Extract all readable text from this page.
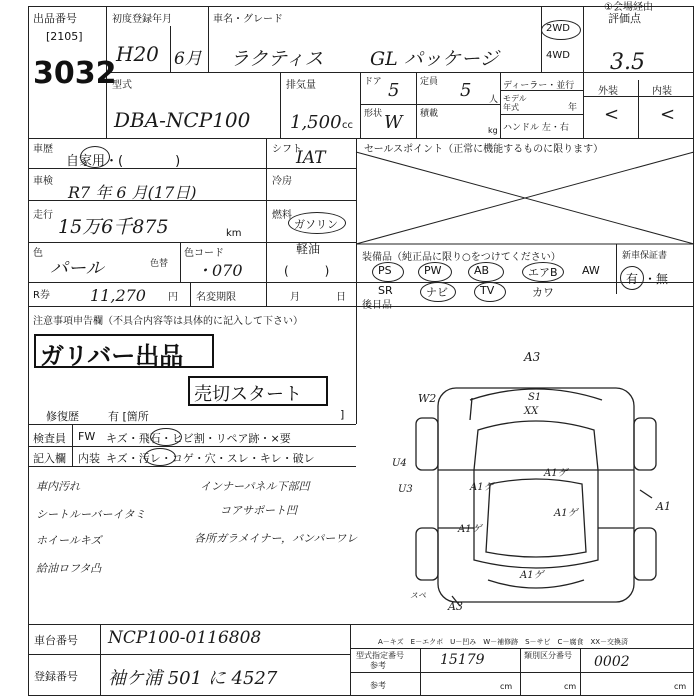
①会場経由
出品番号
[2105]
3032
初度登録年月
H20 6月
車名・グレード
ラクティス GL パッケージ
2WD
4WD
評価点
3.5
型式
DBA-NCP100
排気量
1,500 cc
ドア 5 定員 5 人
形状 W 積載
kg
ディーラー・並行
モデル年式	年
ハンドル 左・右
外装	内装
< <
車歴
自家用・(　　　　)
シフト
IAT
車検
R7 年 6 月(17日)
冷房
走行
15万6千875	km
燃料
ガソリン
軽油
(　　　)
色
パール	色替
色コード
・070
セールスポイント（正常に機能するものに限ります）
装備品（純正品に限り○をつけてください）	新車保証書
PS	PW	AB	エアB AW
SR	ナビ	TV	カワ
有 ・無
R券	11,270 円 名変期限	月	日
後日品
注意事項申告欄（不具合内容等は具体的に記入して下さい）
ガリバー出品
売切スタート
修復歴	有 [箇所	]
検査員 FW キズ・飛石・ヒビ割・リペア跡・×要
記入欄 内装 キズ・汚レ・コゲ・穴・スレ・キレ・破レ
車内汚れ	インナーパネル下部凹
シートルーバーイタミ	コアサポート凹
ホイールキズ	各所ガラメイナー，バンパーワレ
給油ロフタ凸
A3
W2
U4
U3
A1
A3
S1
XX
A1ゲ
A1ゲ
A1ゲ
A1ゲ
A1ゲ
スペ
A－キズ　E－エクボ　U－凹み　W－補修跡　S－サビ　C－腐食　XX－交換済
車台番号 NCP100-0116808
登録番号 袖ケ浦 501 に 4527
型式指定番号
参考	15179	類別区分番号 0002
参考	cm	cm	cm
